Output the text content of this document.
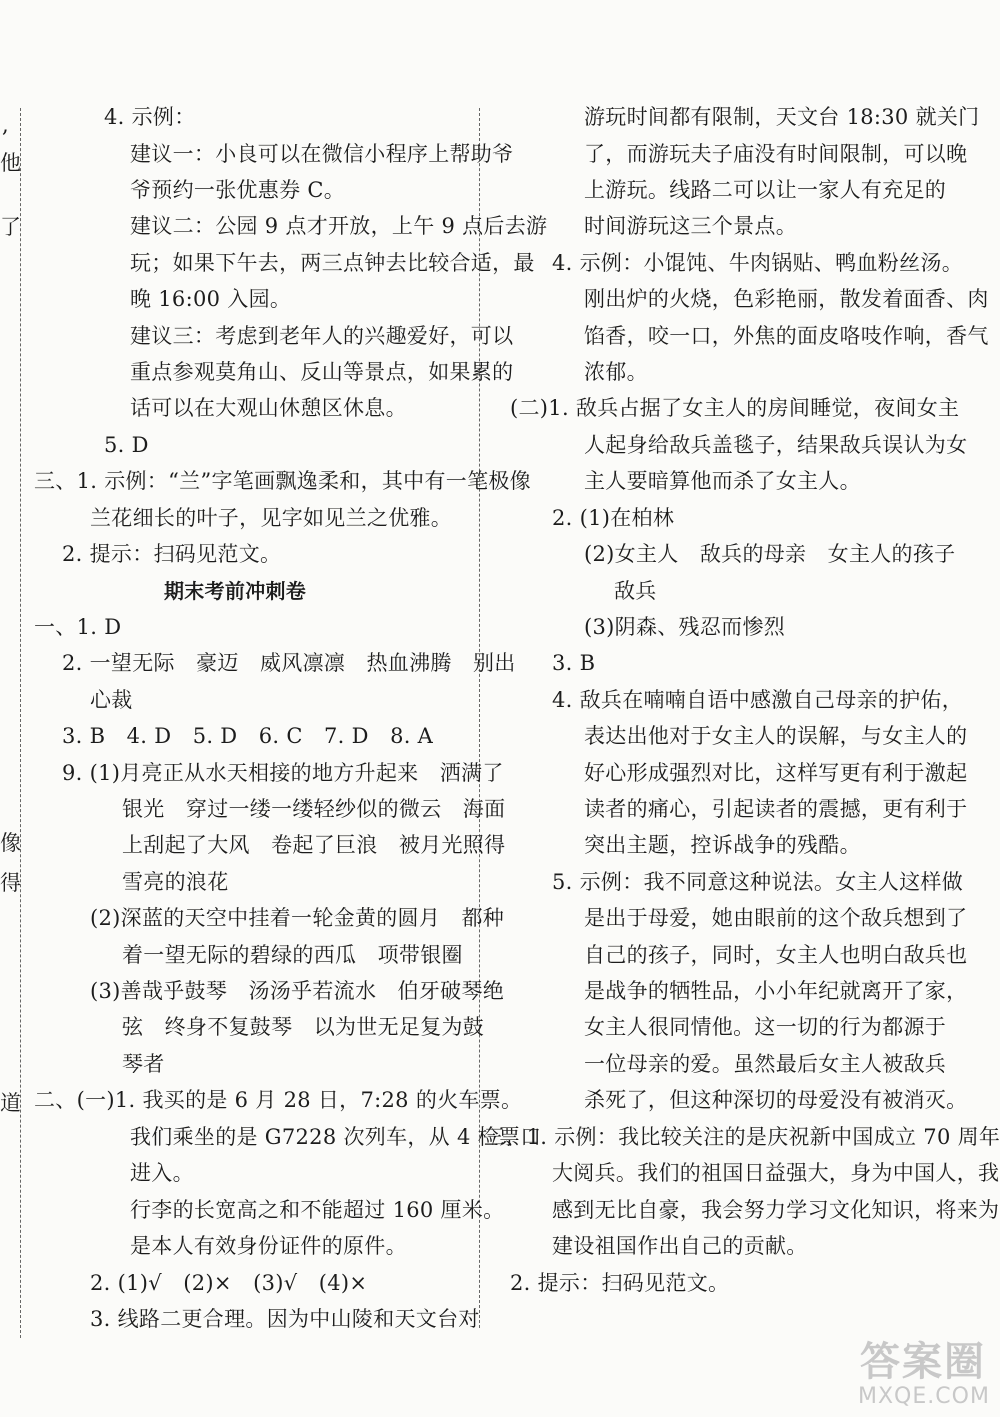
,
他
了
像
得
道
4. 示例：
建议一：小良可以在微信小程序上帮助爷
爷预约一张优惠券 C。
建议二：公园 9 点才开放，上午 9 点后去游
玩；如果下午去，两三点钟去比较合适，最
晚 16:00 入园。
建议三：考虑到老年人的兴趣爱好，可以
重点参观莫角山、反山等景点，如果累的
话可以在大观山休憩区休息。
5. D
三、1. 示例：“兰”字笔画飘逸柔和，其中有一笔极像
兰花细长的叶子，见字如见兰之优雅。
2. 提示：扫码见范文。
期末考前冲刺卷
一、1. D
2. 一望无际　豪迈　威风凛凛　热血沸腾　别出
心裁
3. B　4. D　5. D　6. C　7. D　8. A
9. (1)月亮正从水天相接的地方升起来　洒满了
银光　穿过一缕一缕轻纱似的微云　海面
上刮起了大风　卷起了巨浪　被月光照得
雪亮的浪花
(2)深蓝的天空中挂着一轮金黄的圆月　都种
着一望无际的碧绿的西瓜　项带银圈
(3)善哉乎鼓琴　汤汤乎若流水　伯牙破琴绝
弦　终身不复鼓琴　以为世无足复为鼓
琴者
二、(一)1. 我买的是 6 月 28 日，7:28 的火车票。
我们乘坐的是 G7228 次列车，从 4 检票口
进入。
行李的长宽高之和不能超过 160 厘米。
是本人有效身份证件的原件。
2. (1)√　(2)×　(3)√　(4)×
3. 线路二更合理。因为中山陵和天文台对
游玩时间都有限制，天文台 18:30 就关门
了，而游玩夫子庙没有时间限制，可以晚
上游玩。线路二可以让一家人有充足的
时间游玩这三个景点。
4. 示例：小馄饨、牛肉锅贴、鸭血粉丝汤。
刚出炉的火烧，色彩艳丽，散发着面香、肉
馅香，咬一口，外焦的面皮咯吱作响，香气
浓郁。
(二)1. 敌兵占据了女主人的房间睡觉，夜间女主
人起身给敌兵盖毯子，结果敌兵误认为女
主人要暗算他而杀了女主人。
2. (1)在柏林
(2)女主人　敌兵的母亲　女主人的孩子
敌兵
(3)阴森、残忍而惨烈
3. B
4. 敌兵在喃喃自语中感激自己母亲的护佑，
表达出他对于女主人的误解，与女主人的
好心形成强烈对比，这样写更有利于激起
读者的痛心，引起读者的震撼，更有利于
突出主题，控诉战争的残酷。
5. 示例：我不同意这种说法。女主人这样做
是出于母爱，她由眼前的这个敌兵想到了
自己的孩子，同时，女主人也明白敌兵也
是战争的牺牲品，小小年纪就离开了家，
女主人很同情他。这一切的行为都源于
一位母亲的爱。虽然最后女主人被敌兵
杀死了，但这种深切的母爱没有被消灭。
三、1. 示例：我比较关注的是庆祝新中国成立 70 周年
大阅兵。我们的祖国日益强大，身为中国人，我
感到无比自豪，我会努力学习文化知识，将来为
建设祖国作出自己的贡献。
2. 提示：扫码见范文。
答案圈
MXQE.COM
